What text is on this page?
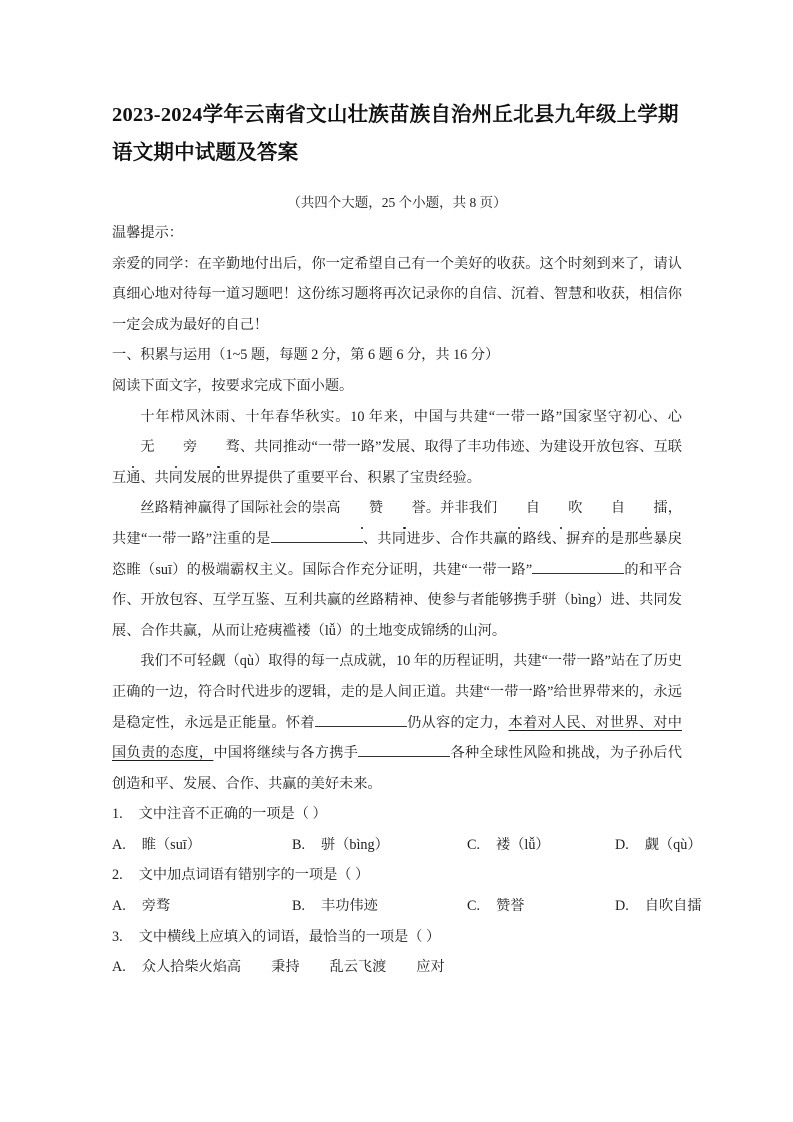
2023-2024学年云南省文山壮族苗族自治州丘北县九年级上学期语文期中试题及答案
（共四个大题，25 个小题，共 8 页）

温馨提示：

亲爱的同学：在辛勤地付出后，你一定希望自己有一个美好的收获。这个时刻到来了，请认真细心地对待每一道习题吧！这份练习题将再次记录你的自信、沉着、智慧和收获，相信你一定会成为最好的自己！

一、积累与运用（1~5 题，每题 2 分，第 6 题 6 分，共 16 分）

阅读下面文字，按要求完成下面小题。

十年栉风沐雨、十年春华秋实。10 年来，中国与共建“一带一路”国家坚守初心、心无 旁 骛、共同推动“一带一路”发展、取得了丰功伟迹、为建设开放包容、互联互通、共同发展的世界提供了重要平台、积累了宝贵经验。

丝路精神赢得了国际社会的崇高 赞 誉。并非我们 自 吹 自 擂，共建“一带一路”注重的是	、共同进步、合作共赢的路线、摒弃的是那些暴戾恣睢（suī）的极端霸权主义。国际合作充分证明，共建“一带一路”	的和平合作、开放包容、互学互鉴、互利共赢的丝路精神、使参与者能够携手骈（bìng）进、共同发展、合作共赢，从而让疮痍褴褛（lǚ）的土地变成锦绣的山河。

我们不可轻觑（qù）取得的每一点成就，10 年的历程证明，共建“一带一路”站在了历史正确的一边，符合时代进步的逻辑，走的是人间正道。共建“一带一路”给世界带来的，永远是稳定性，永远是正能量。怀着	仍从容的定力，本着对人民、对世界、对中国负责的态度，中国将继续与各方携手	各种全球性风险和挑战，为子孙后代创造和平、发展、合作、共赢的美好未来。

1. 文中注音不正确的一项是（ ）

A. 睢（suī）	B. 骈（bìng）	C. 褛（lǚ）	D. 觑（qù）

2. 文中加点词语有错别字的一项是（ ）

A. 旁骛	B. 丰功伟迹	C. 赞誉	D. 自吹自擂

3. 文中横线上应填入的词语，最恰当的一项是（ ）

A. 众人拾柴火焰高 秉持 乱云飞渡 应对
